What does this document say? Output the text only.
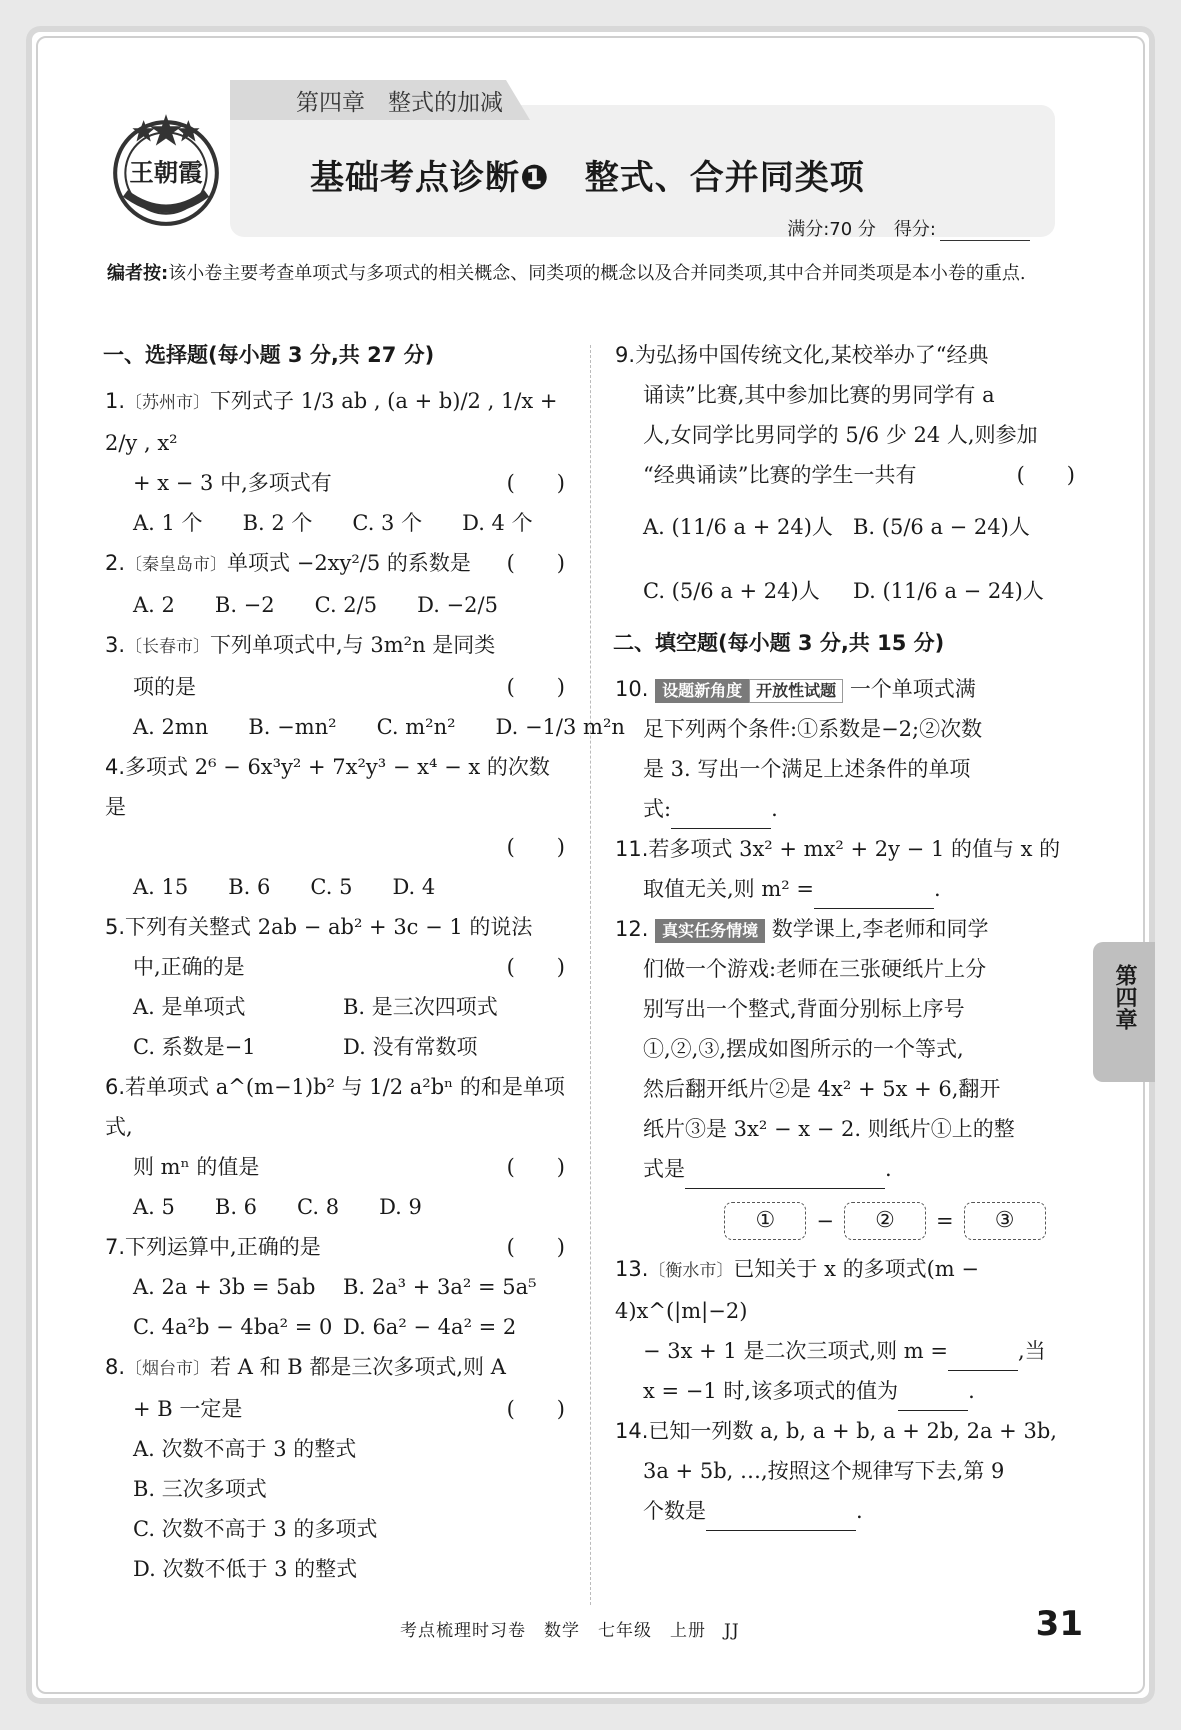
第四章　整式的加减
王朝霞	基础考点诊断❶　整式、合并同类项
满分:70 分　得分:
编者按:该小卷主要考查单项式与多项式的相关概念、同类项的概念以及合并同类项,其中合并同类项是本小卷的重点.
一、选择题(每小题 3 分,共 27 分)
1.〔苏州市〕下列式子 1/3 ab , (a + b)/2 , 1/x + 2/y , x²
+ x − 3 中,多项式有	(　　)
A. 1 个 B. 2 个 C. 3 个 D. 4 个
2.〔秦皇岛市〕单项式 −2xy²/5 的系数是 (　　)
A. 2 B. −2 C. 2/5 D. −2/5
3.〔长春市〕下列单项式中,与 3m²n 是同类
项的是	(　　)
A. 2mn B. −mn² C. m²n² D. −1/3 m²n
4.多项式 2⁶ − 6x³y² + 7x²y³ − x⁴ − x 的次数是

(　　)
A. 15 B. 6 C. 5 D. 4
5.下列有关整式 2ab − ab² + 3c − 1 的说法
中,正确的是	(　　)
A. 是单项式	B. 是三次四项式
C. 系数是−1	D. 没有常数项
6.若单项式 a^(m−1)b² 与 1/2 a²bⁿ 的和是单项式,
则 mⁿ 的值是	(　　)
A. 5 B. 6 C. 8 D. 9
7.下列运算中,正确的是	(　　)
A. 2a + 3b = 5ab	B. 2a³ + 3a² = 5a⁵
C. 4a²b − 4ba² = 0 D. 6a² − 4a² = 2
8.〔烟台市〕若 A 和 B 都是三次多项式,则 A
+ B 一定是	(　　)
A. 次数不高于 3 的整式
B. 三次多项式
C. 次数不高于 3 的多项式
D. 次数不低于 3 的整式
9.为弘扬中国传统文化,某校举办了“经典
诵读”比赛,其中参加比赛的男同学有 a
人,女同学比男同学的 5/6 少 24 人,则参加
“经典诵读”比赛的学生一共有	(　　)
A. (11/6 a + 24)人 B. (5/6 a − 24)人
C. (5/6 a + 24)人	D. (11/6 a − 24)人
二、填空题(每小题 3 分,共 15 分)
10. 设题新角度 开放性试题 一个单项式满
足下列两个条件:①系数是−2;②次数
是 3. 写出一个满足上述条件的单项
式:	.
11.若多项式 3x² + mx² + 2y − 1 的值与 x 的
取值无关,则 m² =	.
12. 真实任务情境 数学课上,李老师和同学
们做一个游戏:老师在三张硬纸片上分
别写出一个整式,背面分别标上序号
①,②,③,摆成如图所示的一个等式,
然后翻开纸片②是 4x² + 5x + 6,翻开
纸片③是 3x² − x − 2. 则纸片①上的整
式是	.
①	−	②	=	③
13.〔衡水市〕已知关于 x 的多项式(m − 4)x^(|m|−2)
− 3x + 1 是二次三项式,则 m =	,当
x = −1 时,该多项式的值为	.
14.已知一列数 a, b, a + b, a + 2b, 2a + 3b,
3a + 5b, …,按照这个规律写下去,第 9
个数是	.
第四章
考点梳理时习卷　数学　七年级　上册　JJ	31
